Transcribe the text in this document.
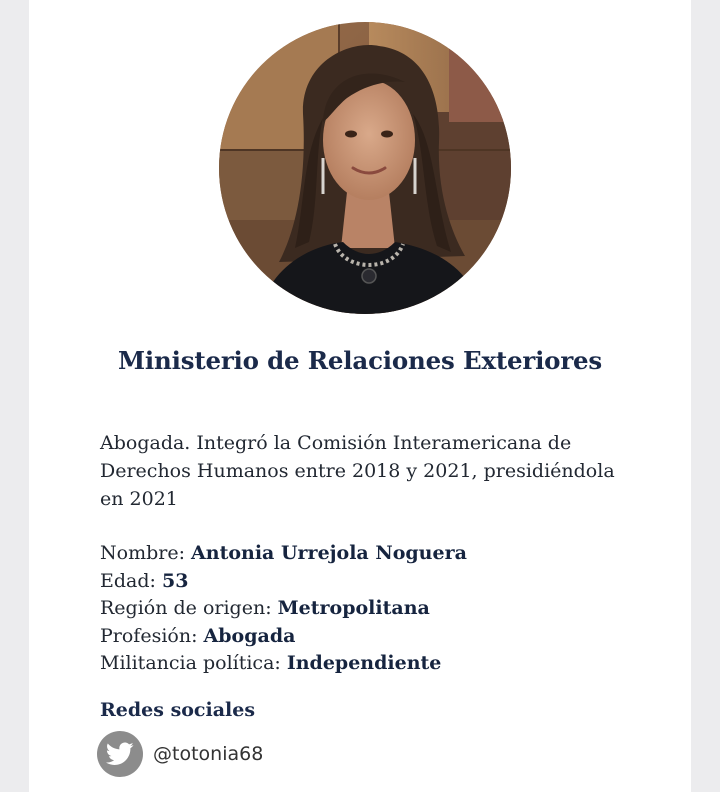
Ministerio de Relaciones Exteriores

Abogada. Integró la Comisión Interamericana de Derechos Humanos entre 2018 y 2021, presidiéndola en 2021

Nombre: Antonia Urrejola Noguera
Edad: 53
Región de origen: Metropolitana
Profesión: Abogada
Militancia política: Independiente
Redes sociales
@totonia68
